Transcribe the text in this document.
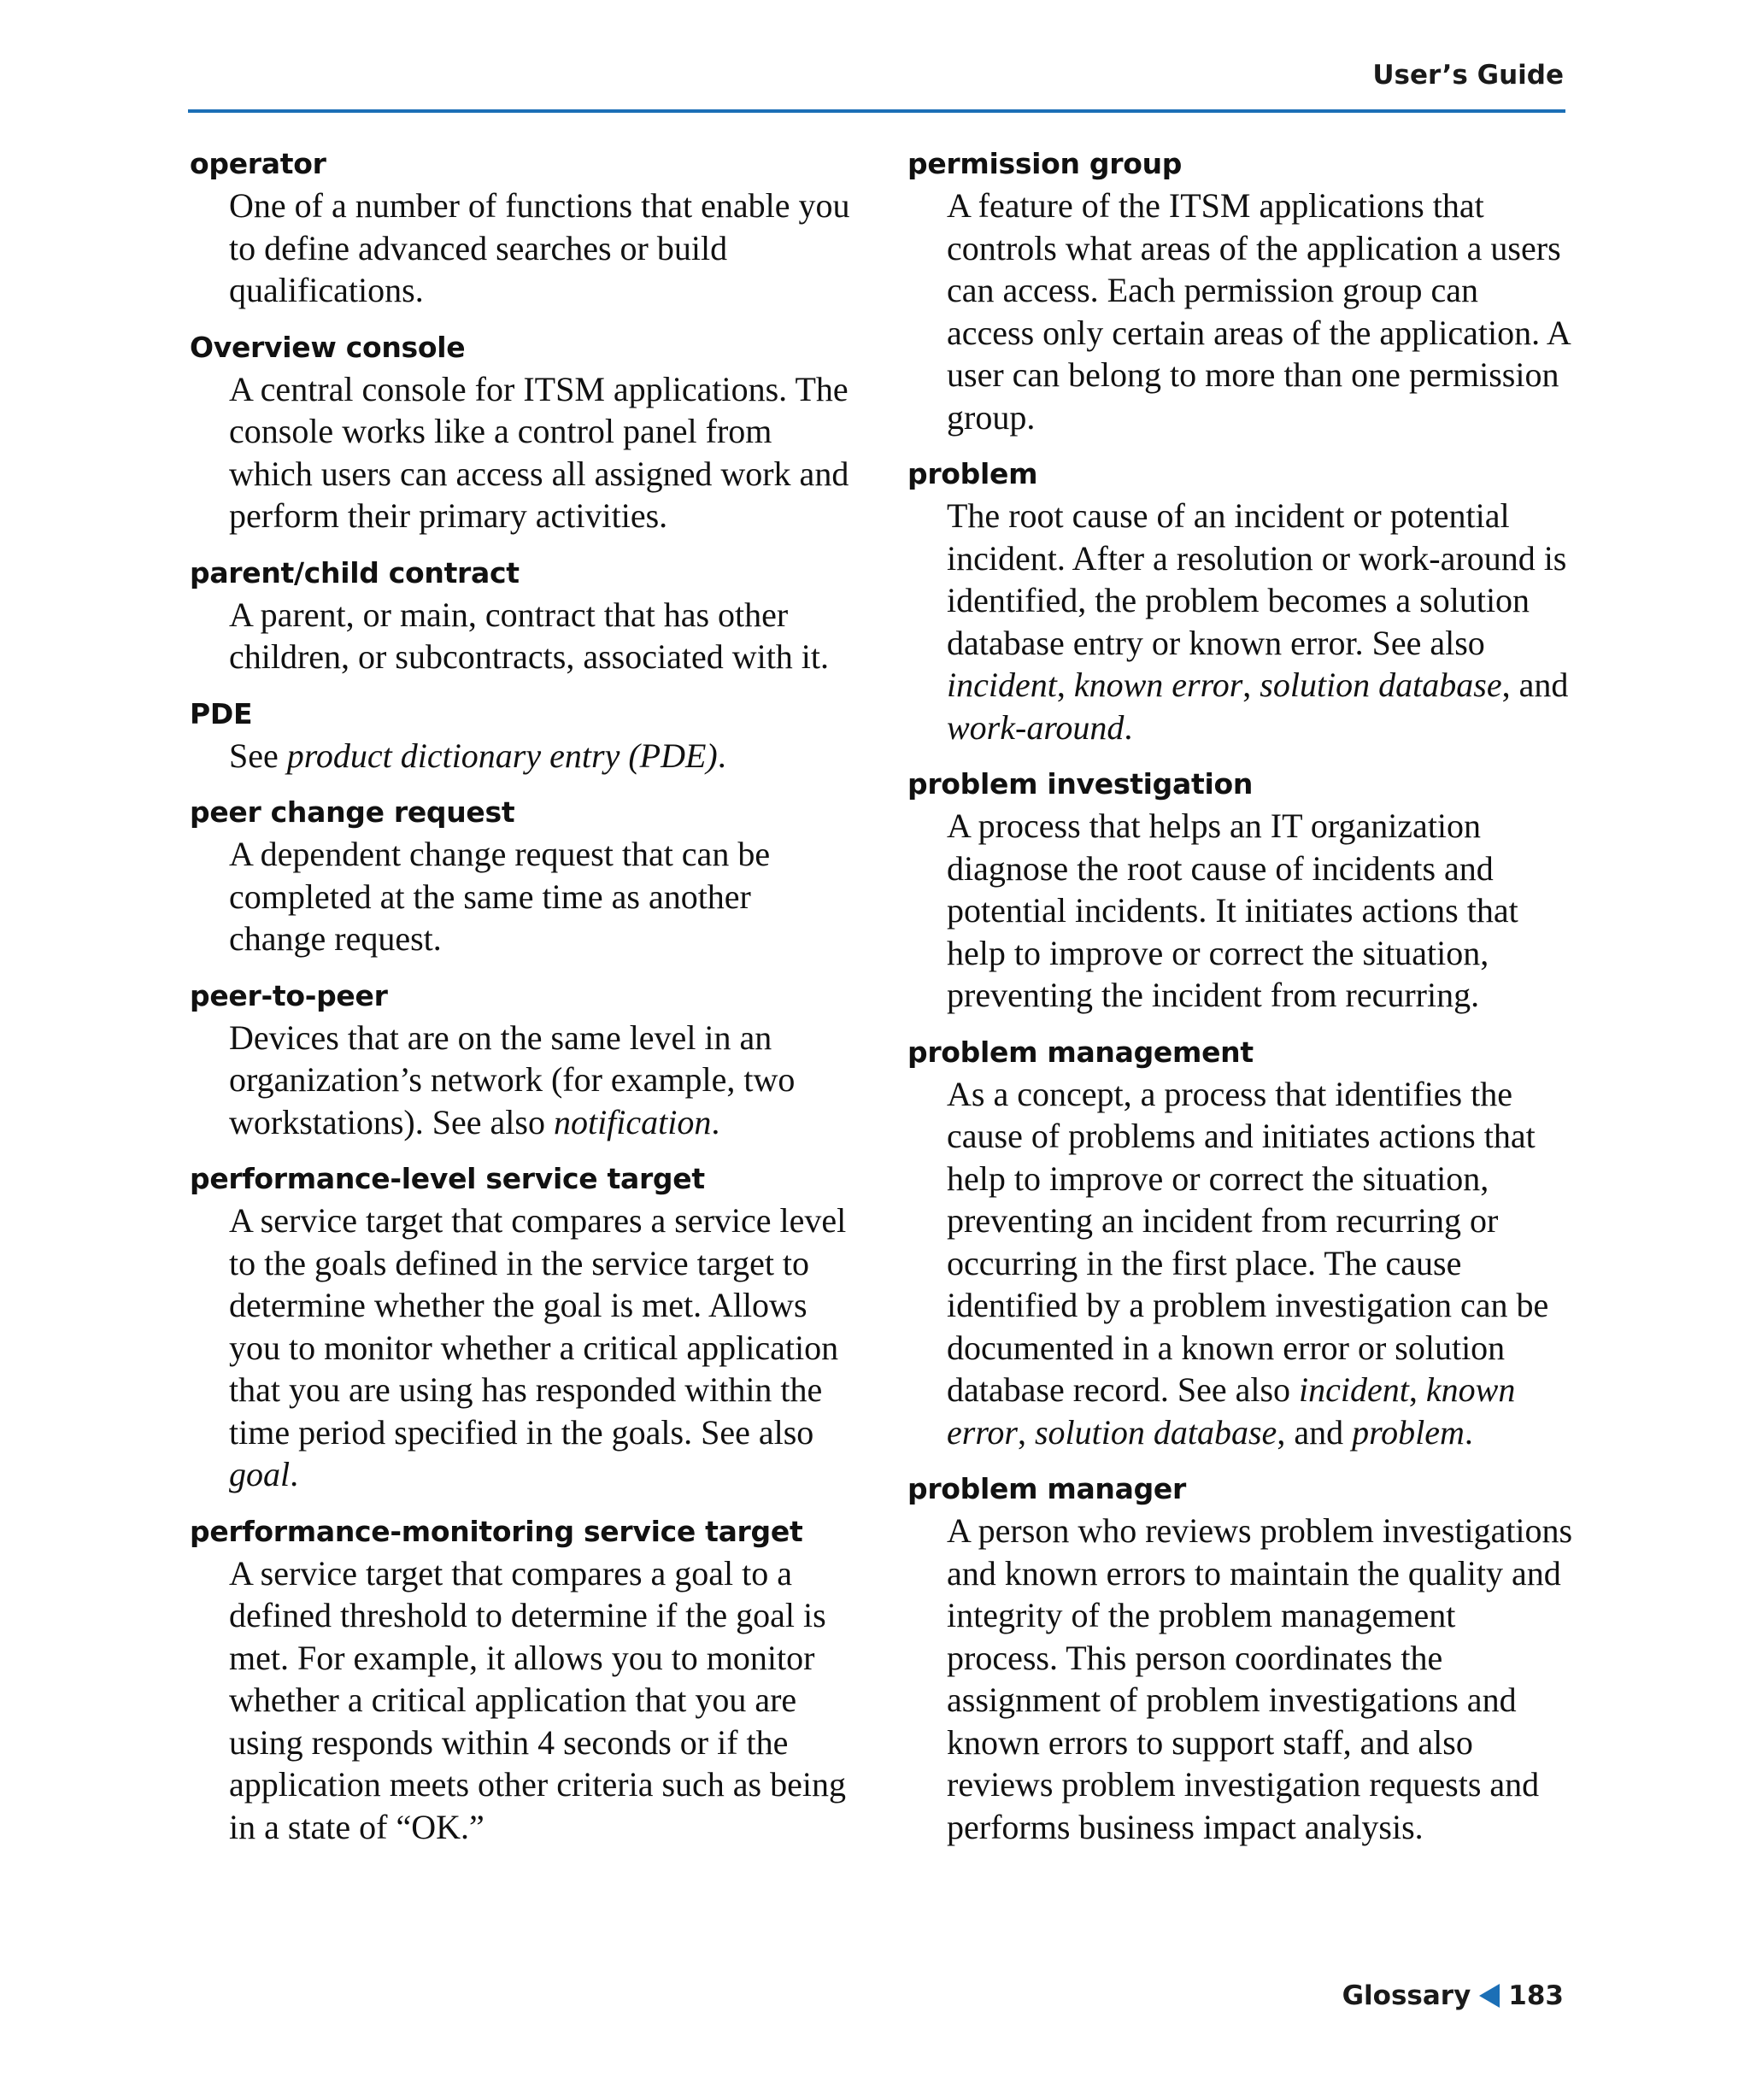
User’s Guide
operator
One of a number of functions that enable you to define advanced searches or build qualifications.
Overview console
A central console for ITSM applications. The console works like a control panel from which users can access all assigned work and perform their primary activities.
parent/child contract
A parent, or main, contract that has other children, or subcontracts, associated with it.
PDE
See product dictionary entry (PDE).
peer change request
A dependent change request that can be completed at the same time as another change request.
peer-to-peer
Devices that are on the same level in an organization’s network (for example, two workstations). See also notification.
performance-level service target
A service target that compares a service level to the goals defined in the service target to determine whether the goal is met. Allows you to monitor whether a critical application that you are using has responded within the time period specified in the goals. See also goal.
performance-monitoring service target
A service target that compares a goal to a defined threshold to determine if the goal is met. For example, it allows you to monitor whether a critical application that you are using responds within 4 seconds or if the application meets other criteria such as being in a state of “OK.”
permission group
A feature of the ITSM applications that controls what areas of the application a users can access. Each permission group can access only certain areas of the application. A user can belong to more than one permission group.
problem
The root cause of an incident or potential incident. After a resolution or work-around is identified, the problem becomes a solution database entry or known error. See also incident, known error, solution database, and work-around.
problem investigation
A process that helps an IT organization diagnose the root cause of incidents and potential incidents. It initiates actions that help to improve or correct the situation, preventing the incident from recurring.
problem management
As a concept, a process that identifies the cause of problems and initiates actions that help to improve or correct the situation, preventing an incident from recurring or occurring in the first place. The cause identified by a problem investigation can be documented in a known error or solution database record. See also incident, known error, solution database, and problem.
problem manager
A person who reviews problem investigations and known errors to maintain the quality and integrity of the problem management process. This person coordinates the assignment of problem investigations and known errors to support staff, and also reviews problem investigation requests and performs business impact analysis.
Glossary 183
